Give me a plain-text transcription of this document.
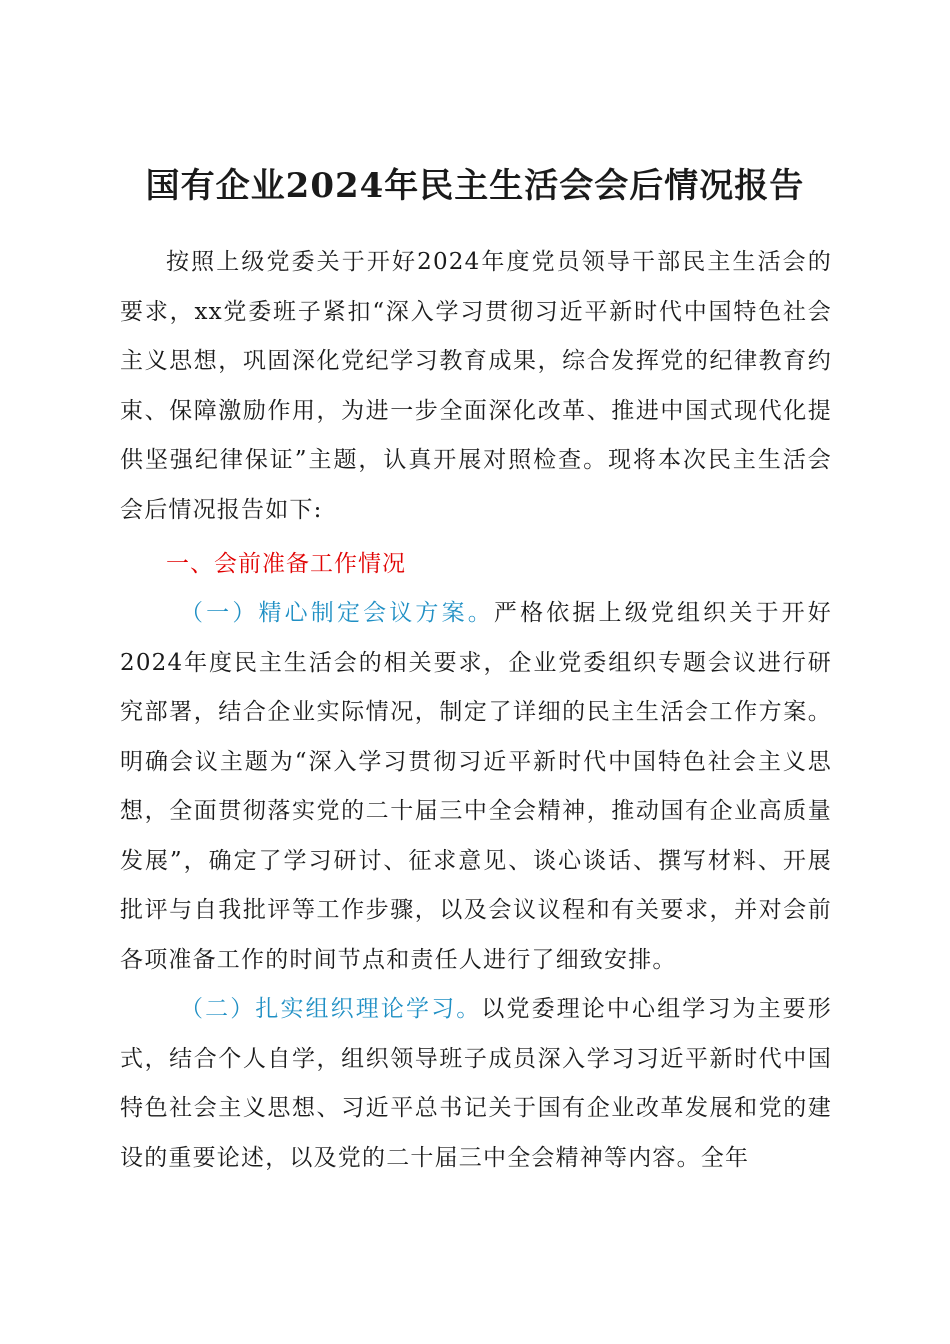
国有企业2024年民主生活会会后情况报告

按照上级党委关于开好2024年度党员领导干部民主生活会的要求，xx党委班子紧扣“深入学习贯彻习近平新时代中国特色社会主义思想，巩固深化党纪学习教育成果，综合发挥党的纪律教育约束、保障激励作用，为进一步全面深化改革、推进中国式现代化提供坚强纪律保证”主题，认真开展对照检查。现将本次民主生活会会后情况报告如下:

一、会前准备工作情况

（一）精心制定会议方案。严格依据上级党组织关于开好2024年度民主生活会的相关要求，企业党委组织专题会议进行研究部署，结合企业实际情况，制定了详细的民主生活会工作方案。明确会议主题为“深入学习贯彻习近平新时代中国特色社会主义思想，全面贯彻落实党的二十届三中全会精神，推动国有企业高质量发展”，确定了学习研讨、征求意见、谈心谈话、撰写材料、开展批评与自我批评等工作步骤，以及会议议程和有关要求，并对会前各项准备工作的时间节点和责任人进行了细致安排。

（二）扎实组织理论学习。以党委理论中心组学习为主要形式，结合个人自学，组织领导班子成员深入学习习近平新时代中国特色社会主义思想、习近平总书记关于国有企业改革发展和党的建设的重要论述，以及党的二十届三中全会精神等内容。全年
